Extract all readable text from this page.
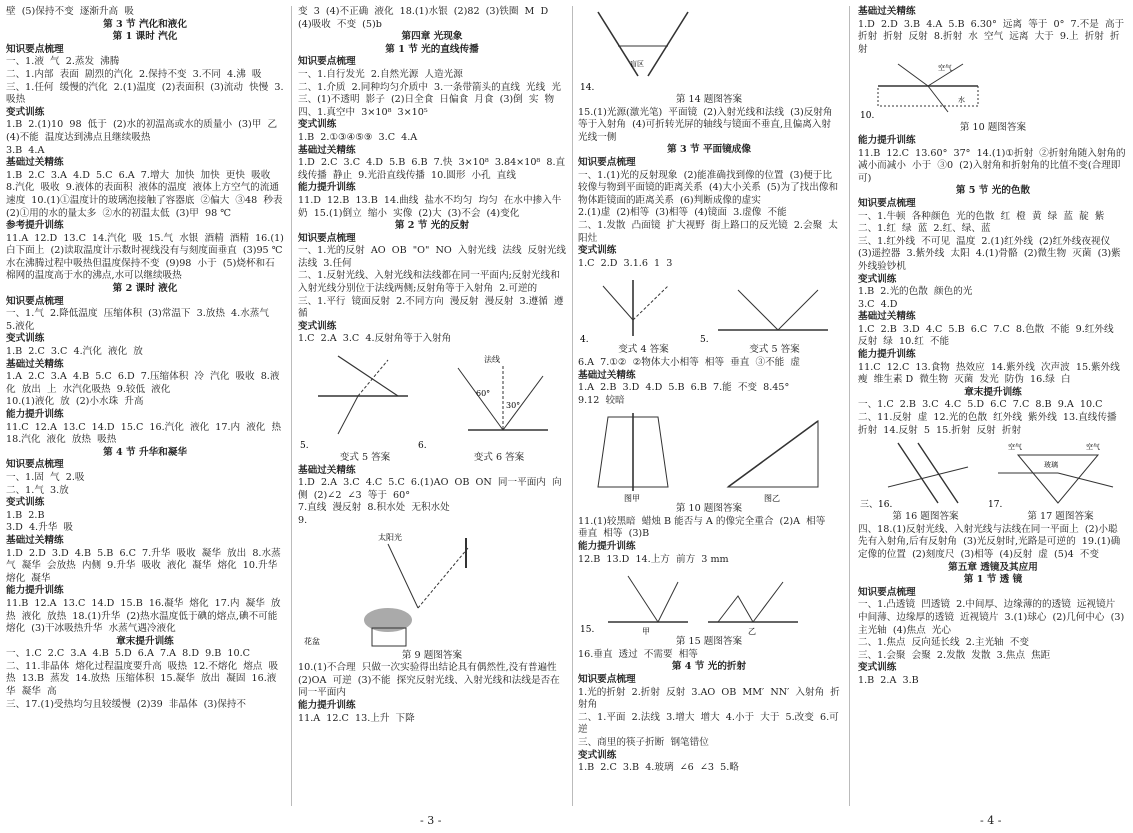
壁  (5)保持不变  逐渐升高  吸
第 3 节 汽化和液化
第 1 课时 汽化
知识要点梳理
一、1.液  气  2.蒸发  沸腾
二、1.内部  表面  剧烈的汽化  2.保持不变  3.不同  4.沸  吸
三、1.任何  缓慢的汽化  2.(1)温度  (2)表面积  (3)流动  快慢  3.吸热
变式训练
1.B  2.(1)10  98  低于  (2)水的初温高或水的质量小  (3)甲  乙  (4)不能  温度达到沸点且继续吸热
3.B  4.A
基础过关精练
1.B  2.C  3.A  4.D  5.C  6.A  7.增大  加快  加快  更快  吸收  8.汽化  吸收  9.液体的表面积  液体的温度  液体上方空气的流通速度  10.(1)①温度计的玻璃泡接触了容器底  ②偏大  ③48  秒表  (2)①用的水的量太多  ②水的初温太低  (3)甲  98 ℃
参考提升训练
11.A  12.D  13.C  14.汽化  吸  15.气  水银  酒精  酒精  16.(1)白下面上  (2)读取温度计示数时视线没有与刻度面垂直  (3)95 ℃  水在沸腾过程中吸热但温度保持不变  (9)98  小于  (5)烧杯和石棉网的温度高于水的沸点,水可以继续吸热
第 2 课时 液化
知识要点梳理
一、1.气  2.降低温度  压缩体积  (3)常温下  3.放热  4.水蒸气  5.液化
变式训练
1.B  2.C  3.C  4.汽化  液化  放
基础过关精练
1.A  2.C  3.A  4.B  5.C  6.D  7.压缩体积  冷  汽化  吸收  8.液化  放出  上  水汽化吸热  9.较低  液化
10.(1)液化  放  (2)小水珠  升高
能力提升训练
11.C  12.A  13.C  14.D  15.C  16.汽化  液化  17.内  液化  热  18.汽化  液化  放热  吸热
第 4 节 升华和凝华
知识要点梳理
一、1.固  气  2.吸
二、1.气  3.放
变式训练
1.B  2.B
3.D  4.升华  吸
基础过关精练
1.D  2.D  3.D  4.B  5.B  6.C  7.升华  吸收  凝华  放出  8.水蒸气  凝华  会放热  内侧  9.升华  吸收  液化  凝华  熔化  10.升华  熔化  凝华
能力提升训练
11.B  12.A  13.C  14.D  15.B  16.凝华  熔化  17.内  凝华  放热  液化  放热  18.(1)升华  (2)热水温度低于碘的熔点,碘不可能熔化  (3)干冰吸热升华  水蒸气遇冷液化
章末提升训练
一、1.C  2.C  3.A  4.B  5.D  6.A  7.A  8.D  9.B  10.C
二、11.非晶体  熔化过程温度要升高  吸热  12.不熔化  熔点  吸热  13.B  蒸发  14.放热  压缩体积  15.凝华  放出  凝固  16.液华  凝华  高
三、17.(1)受热均匀且较缓慢  (2)39  非晶体  (3)保持不
变  3  (4)不正确  液化  18.(1)水银  (2)82  (3)铁圈  M  D  (4)吸收  不变  (5)b
第四章 光现象
第 1 节 光的直线传播
知识要点梳理
一、1.自行发光  2.自然光源  人造光源
二、1.介质  2.同种均匀介质中  3.一条带箭头的直线  光线  光
三、(1)不透明  影子  (2)日全食  日偏食  月食  (3)倒  实  物
四、1.真空中  3×10⁸  3×10⁵
变式训练
1.B  2.①③④⑤⑨  3.C  4.A
基础过关精练
1.D  2.C  3.C  4.D  5.B  6.B  7.快  3×10⁸  3.84×10⁸  8.直线传播  静止  9.光沿直线传播  10.圆形  小孔  直线
能力提升训练
11.D  12.B  13.B  14.曲线  盐水不均匀  均匀  在水中掺入牛奶  15.(1)倒立  缩小  实像  (2)大  (3)不会  (4)变化
第 2 节 光的反射
知识要点梳理
一、1.光的反射  AO  OB  "O"  NO  入射光线  法线  反射光线  法线  3.任何
二、1.反射光线、入射光线和法线都在同一平面内;反射光线和入射光线分别位于法线两侧;反射角等于入射角  2.可逆的
三、1.平行  镜面反射  2.不同方向  漫反射  漫反射  3.遵循  遵循
变式训练
1.C  2.A  3.C  4.反射角等于入射角
法线
60°
30°
5.	6.
变式 5 答案	变式 6 答案
基础过关精练
1.D  2.A  3.C  4.C  5.C  6.(1)AO  OB  ON  同一平面内  向侧  (2)∠2  ∠3  等于  60°
7.直线  漫反射  8.积水处  无积水处
9.
太阳光
花盆
第 9 题图答案
10.(1)不合理  只做一次实验得出结论具有偶然性,没有普遍性  (2)OA  可逆  (3)不能  探究反射光线、入射光线和法线是否在同一平面内
能力提升训练
11.A  12.C  13.上升  下降
盲区
14.
第 14 题图答案
15.(1)光源(激光笔)  平面镜  (2)入射光线和法线  (3)反射角等于入射角  (4)可折转光屏的轴线与镜面不垂直,且偏离入射光线一侧
第 3 节 平面镜成像
知识要点梳理
一、1.(1)光的反射现象  (2)能准确找到像的位置  (3)便于比较像与物到平面镜的距离关系  (4)大小关系  (5)为了找出像和物体距镜面的距离关系  (6)判断成像的虚实
2.(1)虚  (2)相等  (3)相等  (4)镜面  3.虚像  不能
二、1.发散  凸面镜  扩大视野  街上路口的反光镜  2.会聚  太阳灶
变式训练
1.C  2.D  3.1.6  1  3
4.	5.
变式 4 答案	变式 5 答案
6.A  7.①②  ②物体大小相等  相等  垂直  ③不能  虚
基础过关精练
1.A  2.B  3.D  4.D  5.B  6.B  7.能  不变  8.45°
9.12  较暗
图甲	图乙
第 10 题图答案
11.(1)较黑暗  蜡烛 B 能否与 A 的像完全重合  (2)A  相等  垂直  相等  (3)B
能力提升训练
12.B  13.D  14.上方  前方  3 mm
15.	甲	乙
第 15 题图答案
16.垂直  透过  不需要  相等
第 4 节 光的折射
知识要点梳理
1.光的折射  2.折射  反射  3.AO  OB  MM′  NN′  入射角  折射角
二、1.平面  2.法线  3.增大  增大  4.小于  大于  5.改变  6.可逆
三、商里的筷子折断  钢笔错位
变式训练
1.B  2.C  3.B  4.玻璃  ∠6  ∠3  5.略
基础过关精练
1.D  2.D  3.B  4.A  5.B  6.30°  远离  等于  0°  7.不是  高于  折射  折射  反射  8.折射  水  空气  远离  大于  9.上  折射  折射
空气
水
10.
第 10 题图答案
能力提升训练
11.B  12.C  13.60°  37°  14.(1)①折射  ②折射角随入射角的减小而减小  小于  ③0  (2)入射角和折射角的比值不变(合理即可)
第 5 节 光的色散
知识要点梳理
一、1.牛顿  各种颜色  光的色散  红  橙  黄  绿  蓝  靛  紫
二、1.红  绿  蓝  2.红、绿、蓝
三、1.红外线  不可见  温度  2.(1)红外线  (2)红外线夜视仪  (3)遥控器  3.紫外线  太阳  4.(1)骨骼  (2)微生物  灭菌  (3)紫外线验钞机
变式训练
1.B  2.光的色散  颜色的光
3.C  4.D
基础过关精练
1.C  2.B  3.D  4.C  5.B  6.C  7.C  8.色散  不能  9.红外线  反射  绿  10.红  不能
能力提升训练
11.C  12.C  13.食物  热效应  14.紫外线  次声波  15.紫外线  瘦  维生素 D  微生物  灭菌  发光  防伪  16.绿  白
章末提升训练
一、1.C  2.B  3.C  4.C  5.D  6.C  7.C  8.B  9.A  10.C
二、11.反射  虚  12.光的色散  红外线  紫外线  13.直线传播  折射  14.反射  5  15.折射  反射  折射
玻璃
空气	空气
三、16.	17.
第 16 题图答案	第 17 题图答案
四、18.(1)反射光线、入射光线与法线在同一平面上  (2)小聪  先有入射角,后有反射角  (3)光反射时,光路是可逆的  19.(1)确定像的位置  (2)刻度尺  (3)相等  (4)反射  虚  (5)4  不变
第五章 透镜及其应用
第 1 节 透 镜
知识要点梳理
一、1.凸透镜  凹透镜  2.中间厚、边缘薄的的透镜  远视镜片  中间薄、边缘厚的透镜  近视镜片  3.(1)球心  (2)几何中心  (3)主光轴  (4)焦点  光心
二、1.焦点  反向延长线  2.主光轴  不变
三、1.会聚  会聚  2.发散  发散  3.焦点  焦距
变式训练
1.B  2.A  3.B
- 3 -	- 4 -
